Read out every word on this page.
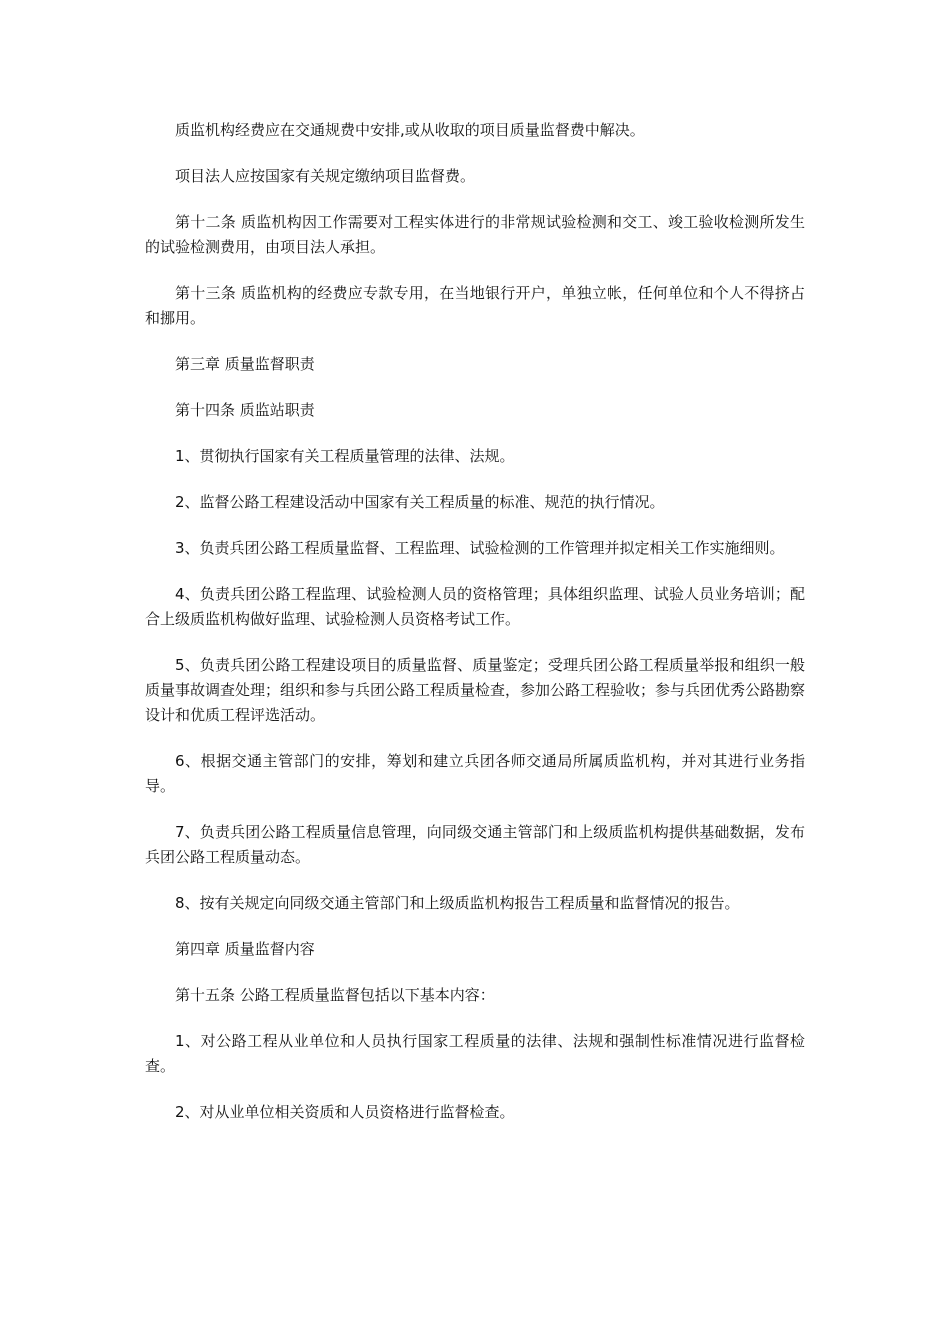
质监机构经费应在交通规费中安排,或从收取的项目质量监督费中解决。

项目法人应按国家有关规定缴纳项目监督费。

第十二条 质监机构因工作需要对工程实体进行的非常规试验检测和交工、竣工验收检测所发生的试验检测费用，由项目法人承担。

第十三条 质监机构的经费应专款专用，在当地银行开户，单独立帐，任何单位和个人不得挤占和挪用。

第三章 质量监督职责

第十四条 质监站职责

1、贯彻执行国家有关工程质量管理的法律、法规。

2、监督公路工程建设活动中国家有关工程质量的标准、规范的执行情况。

3、负责兵团公路工程质量监督、工程监理、试验检测的工作管理并拟定相关工作实施细则。

4、负责兵团公路工程监理、试验检测人员的资格管理；具体组织监理、试验人员业务培训；配合上级质监机构做好监理、试验检测人员资格考试工作。

5、负责兵团公路工程建设项目的质量监督、质量鉴定；受理兵团公路工程质量举报和组织一般质量事故调查处理；组织和参与兵团公路工程质量检查，参加公路工程验收；参与兵团优秀公路勘察设计和优质工程评选活动。

6、根据交通主管部门的安排，筹划和建立兵团各师交通局所属质监机构，并对其进行业务指导。

7、负责兵团公路工程质量信息管理，向同级交通主管部门和上级质监机构提供基础数据，发布兵团公路工程质量动态。

8、按有关规定向同级交通主管部门和上级质监机构报告工程质量和监督情况的报告。

第四章 质量监督内容

第十五条 公路工程质量监督包括以下基本内容：

1、对公路工程从业单位和人员执行国家工程质量的法律、法规和强制性标准情况进行监督检查。

2、对从业单位相关资质和人员资格进行监督检查。
